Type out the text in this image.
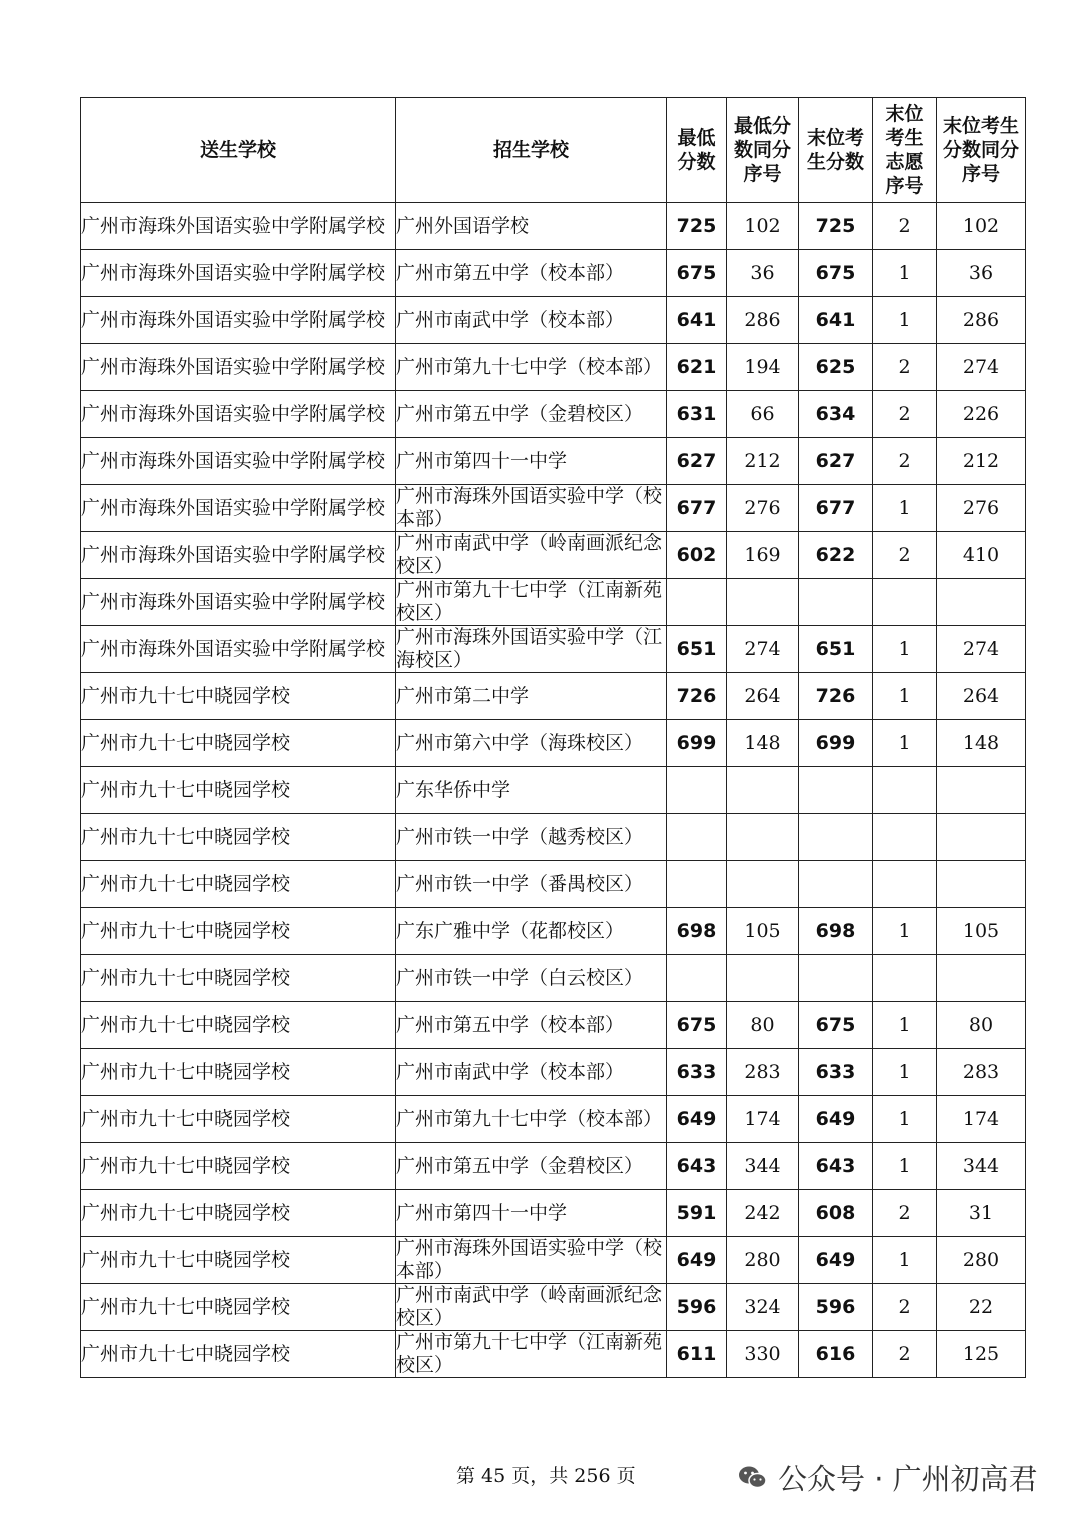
送生学校	招生学校	最低分数	最低分数同分序号	末位考生分数	末位考生志愿序号	末位考生分数同分序号

广州市海珠外国语实验中学附属学校	广州外国语学校	725	102	725	2	102
广州市海珠外国语实验中学附属学校	广州市第五中学（校本部）	675	36	675	1	36
广州市海珠外国语实验中学附属学校	广州市南武中学（校本部）	641	286	641	1	286
广州市海珠外国语实验中学附属学校	广州市第九十七中学（校本部）	621	194	625	2	274
广州市海珠外国语实验中学附属学校	广州市第五中学（金碧校区）	631	66	634	2	226
广州市海珠外国语实验中学附属学校	广州市第四十一中学	627	212	627	2	212
广州市海珠外国语实验中学附属学校	广州市海珠外国语实验中学（校本部）	677	276	677	1	276
广州市海珠外国语实验中学附属学校	广州市南武中学（岭南画派纪念校区）	602	169	622	2	410
广州市海珠外国语实验中学附属学校	广州市第九十七中学（江南新苑校区）					
广州市海珠外国语实验中学附属学校	广州市海珠外国语实验中学（江海校区）	651	274	651	1	274
广州市九十七中晓园学校	广州市第二中学	726	264	726	1	264
广州市九十七中晓园学校	广州市第六中学（海珠校区）	699	148	699	1	148
广州市九十七中晓园学校	广东华侨中学					
广州市九十七中晓园学校	广州市铁一中学（越秀校区）					
广州市九十七中晓园学校	广州市铁一中学（番禺校区）					
广州市九十七中晓园学校	广东广雅中学（花都校区）	698	105	698	1	105
广州市九十七中晓园学校	广州市铁一中学（白云校区）					
广州市九十七中晓园学校	广州市第五中学（校本部）	675	80	675	1	80
广州市九十七中晓园学校	广州市南武中学（校本部）	633	283	633	1	283
广州市九十七中晓园学校	广州市第九十七中学（校本部）	649	174	649	1	174
广州市九十七中晓园学校	广州市第五中学（金碧校区）	643	344	643	1	344
广州市九十七中晓园学校	广州市第四十一中学	591	242	608	2	31
广州市九十七中晓园学校	广州市海珠外国语实验中学（校本部）	649	280	649	1	280
广州市九十七中晓园学校	广州市南武中学（岭南画派纪念校区）	596	324	596	2	22
广州市九十七中晓园学校	广州市第九十七中学（江南新苑校区）	611	330	616	2	125
第 45 页，共 256 页	公众号 · 广州初高君
